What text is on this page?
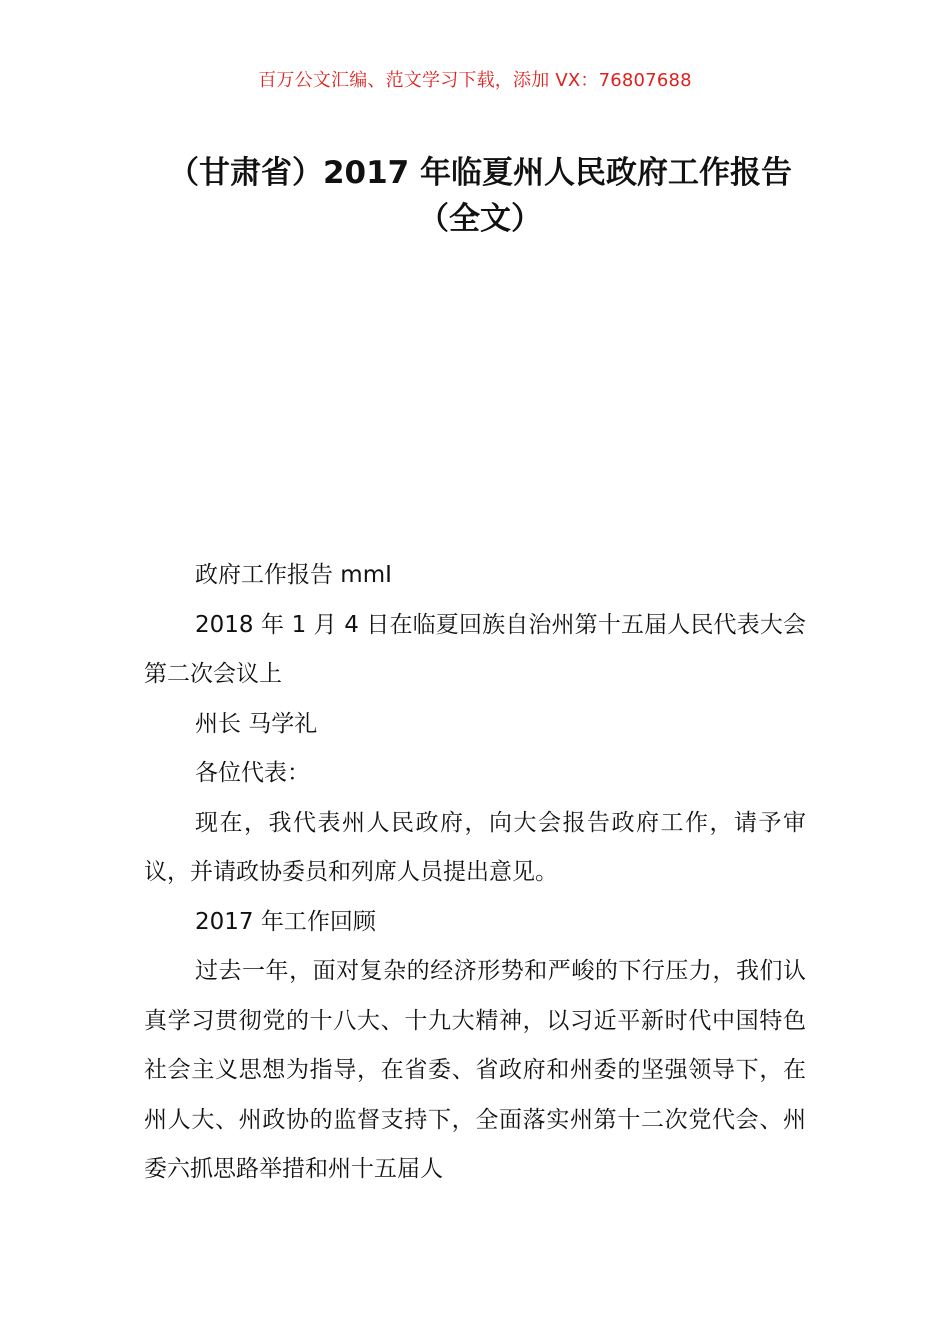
百万公文汇编、范文学习下载，添加 VX：76807688
（甘肃省）2017 年临夏州人民政府工作报告（全文）

政府工作报告 mmI

2018 年 1 月 4 日在临夏回族自治州第十五届人民代表大会第二次会议上

州长 马学礼

各位代表：

现在，我代表州人民政府，向大会报告政府工作，请予审议，并请政协委员和列席人员提出意见。

2017 年工作回顾

过去一年，面对复杂的经济形势和严峻的下行压力，我们认真学习贯彻党的十八大、十九大精神，以习近平新时代中国特色社会主义思想为指导，在省委、省政府和州委的坚强领导下，在州人大、州政协的监督支持下，全面落实州第十二次党代会、州委六抓思路举措和州十五届人
